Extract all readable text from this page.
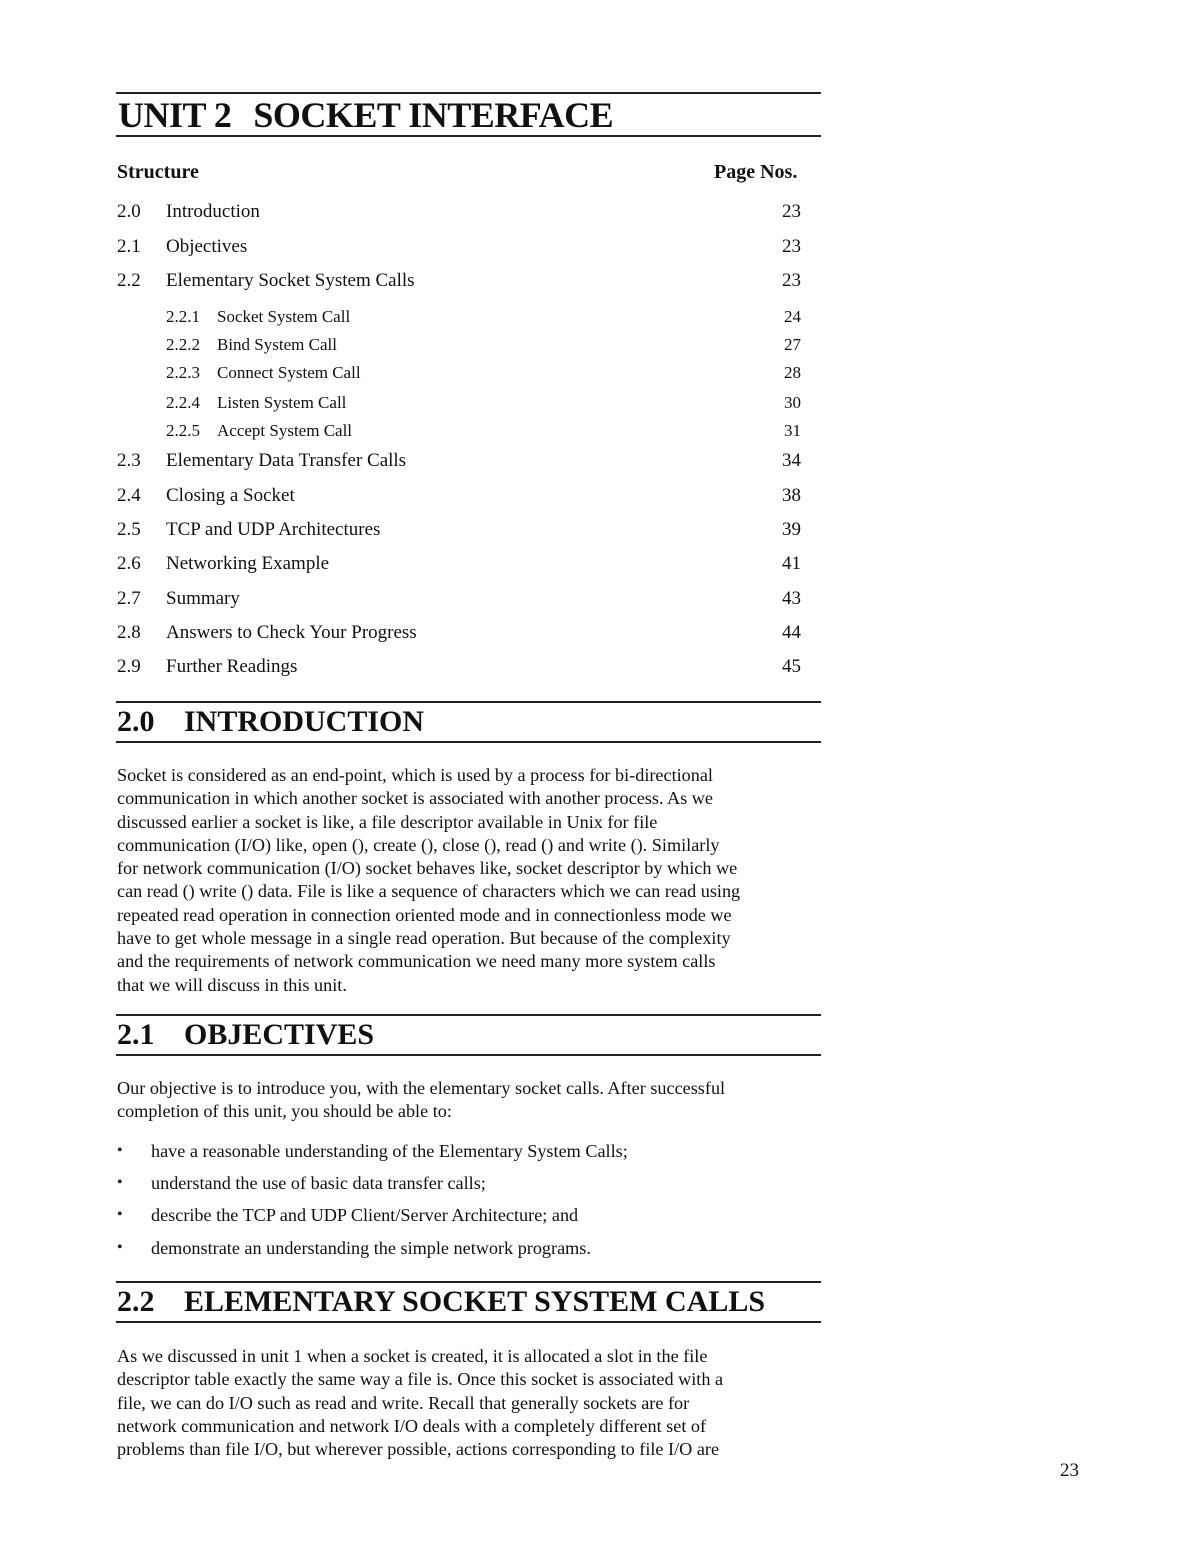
UNIT 2 SOCKET INTERFACE
Structure	Page Nos.
2.0 Introduction	23
2.1 Objectives	23
2.2 Elementary Socket System Calls	23
2.2.1 Socket System Call	24
2.2.2 Bind System Call	27
2.2.3 Connect System Call	28
2.2.4 Listen System Call	30
2.2.5 Accept System Call	31
2.3 Elementary Data Transfer Calls	34
2.4 Closing a Socket	38
2.5 TCP and UDP Architectures	39
2.6 Networking Example	41
2.7 Summary	43
2.8 Answers to Check Your Progress	44
2.9 Further Readings	45
2.0 INTRODUCTION
Socket is considered as an end-point, which is used by a process for bi-directional
communication in which another socket is associated with another process. As we
discussed earlier a socket is like, a file descriptor available in Unix for file
communication (I/O) like, open (), create (), close (), read () and write (). Similarly
for network communication (I/O) socket behaves like, socket descriptor by which we
can read () write () data. File is like a sequence of characters which we can read using
repeated read operation in connection oriented mode and in connectionless mode we
have to get whole message in a single read operation. But because of the complexity
and the requirements of network communication we need many more system calls
that we will discuss in this unit.
2.1 OBJECTIVES
Our objective is to introduce you, with the elementary socket calls. After successful
completion of this unit, you should be able to:
• have a reasonable understanding of the Elementary System Calls;
• understand the use of basic data transfer calls;
• describe the TCP and UDP Client/Server Architecture; and
• demonstrate an understanding the simple network programs.
2.2 ELEMENTARY SOCKET SYSTEM CALLS
As we discussed in unit 1 when a socket is created, it is allocated a slot in the file
descriptor table exactly the same way a file is. Once this socket is associated with a
file, we can do I/O such as read and write. Recall that generally sockets are for
network communication and network I/O deals with a completely different set of
problems than file I/O, but wherever possible, actions corresponding to file I/O are
23
